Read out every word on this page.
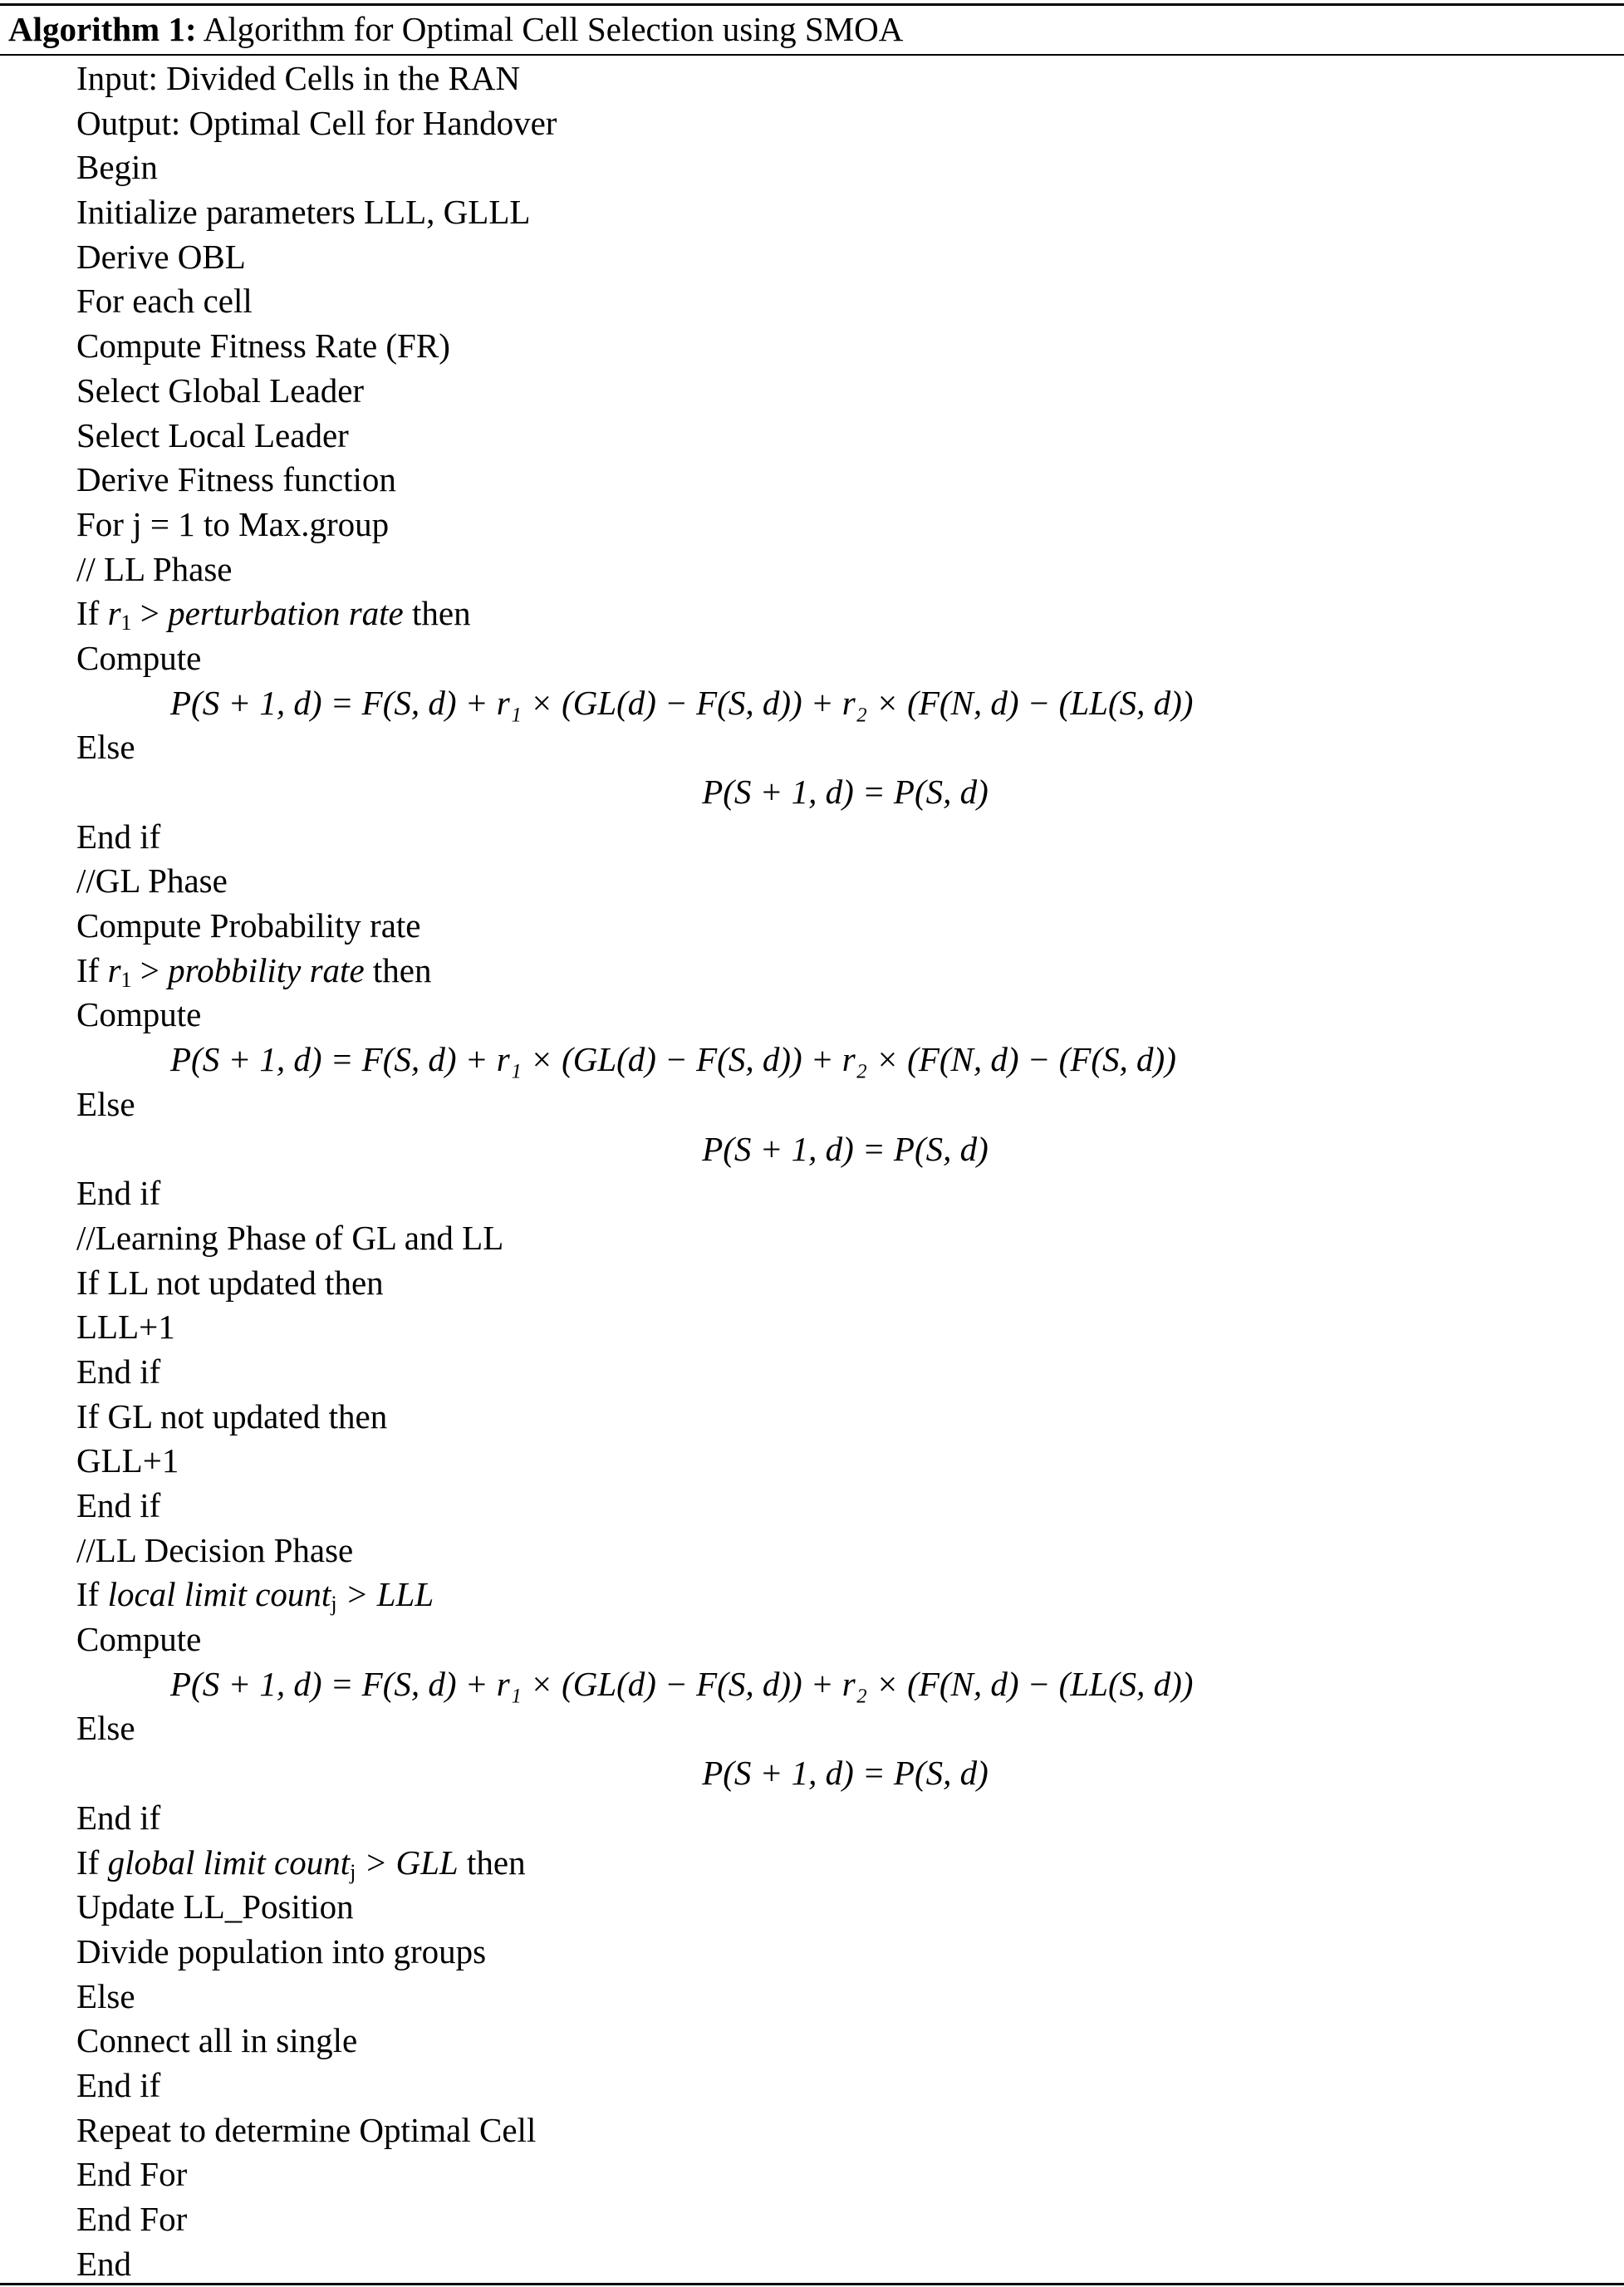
Algorithm 1: Algorithm for Optimal Cell Selection using SMOA
Input: Divided Cells in the RAN
Output: Optimal Cell for Handover
Begin
Initialize parameters LLL, GLLL
Derive OBL
For each cell
Compute Fitness Rate (FR)
Select Global Leader
Select Local Leader
Derive Fitness function
For j = 1 to Max.group
// LL Phase
If $r_1$ > perturbation rate then
Compute
P(S + 1, d) = F(S, d) + r₁ × (GL(d) − F(S, d)) + r₂ × (F(N, d) − (LL(S, d))
Else
P(S + 1, d) = P(S, d)
End if
//GL Phase
Compute Probability rate
If $r_1$ > probbility rate then
Compute
P(S + 1, d) = F(S, d) + r₁ × (GL(d) − F(S, d)) + r₂ × (F(N, d) − (F(S, d))
Else
P(S + 1, d) = P(S, d)
End if
//Learning Phase of GL and LL
If LL not updated then
LLL+1
End if
If GL not updated then
GLL+1
End if
//LL Decision Phase
If local limit count$_j$ > LLL
Compute
P(S + 1, d) = F(S, d) + r₁ × (GL(d) − F(S, d)) + r₂ × (F(N, d) − (LL(S, d))
Else
P(S + 1, d) = P(S, d)
End if
If global limit count$_j$ > GLL then
Update LL_Position
Divide population into groups
Else
Connect all in single
End if
Repeat to determine Optimal Cell
End For
End For
End
